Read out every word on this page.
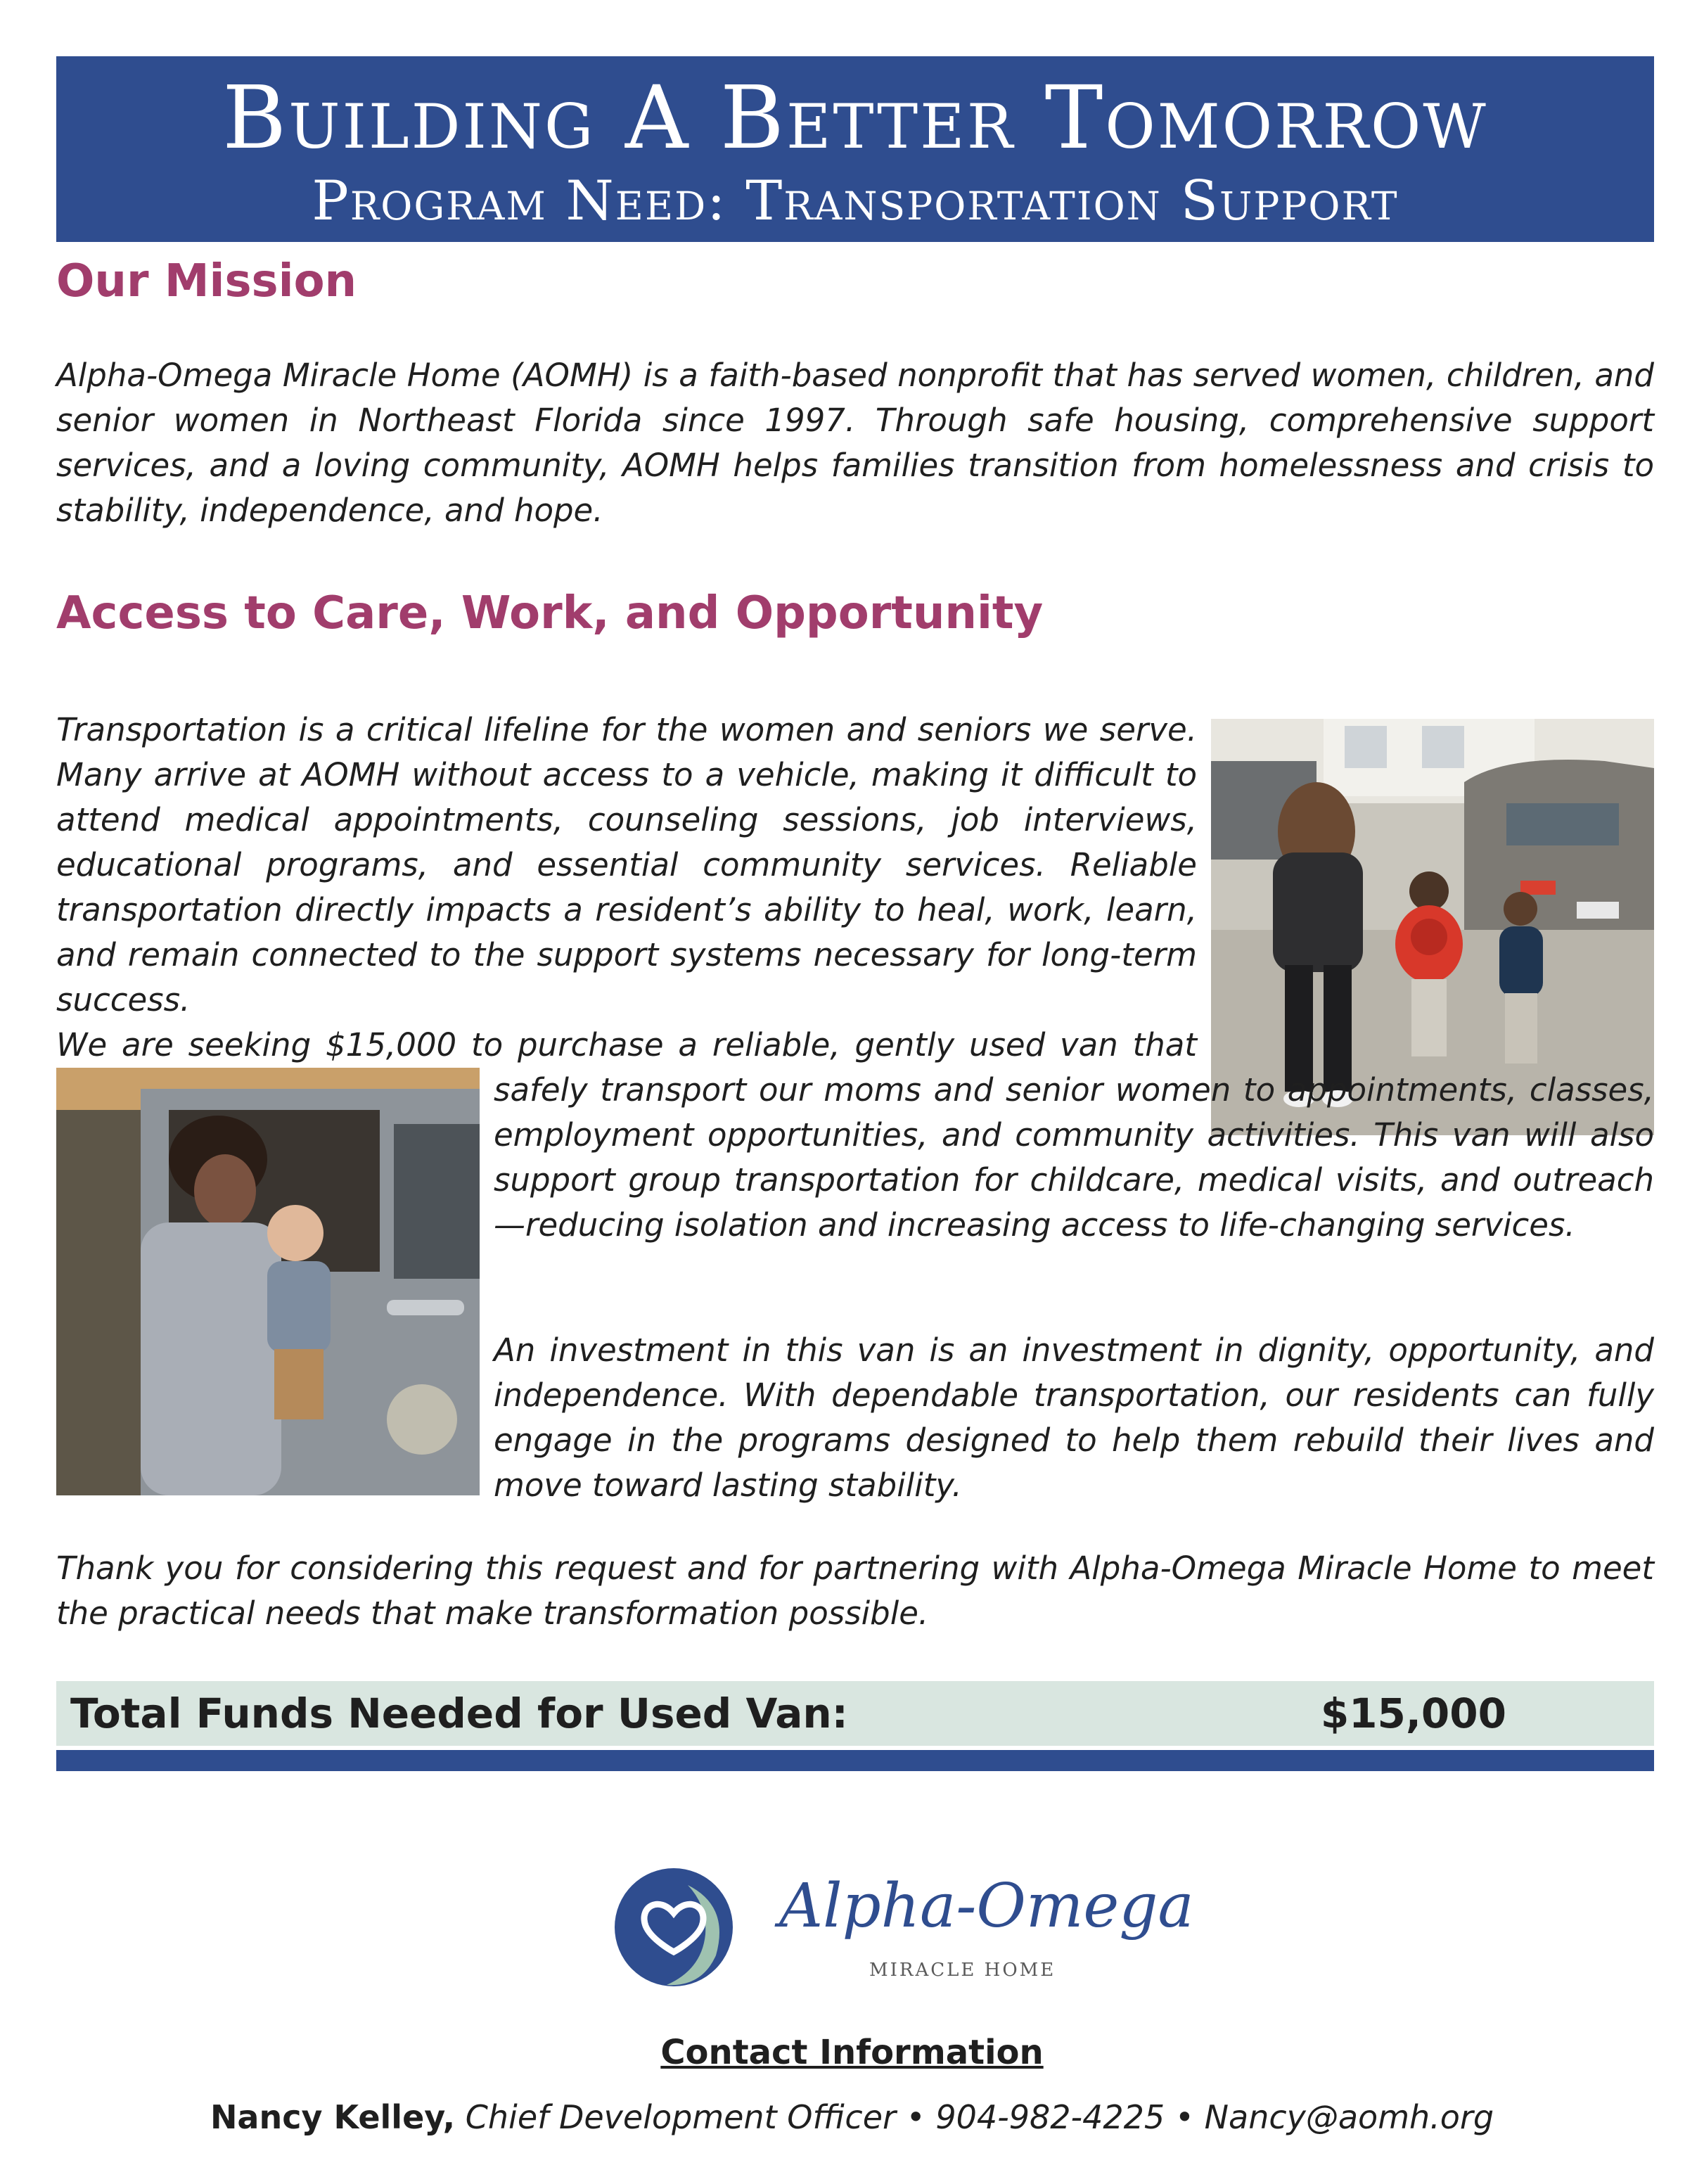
Building A Better Tomorrow
Program Need: Transportation Support
Our Mission

Alpha-Omega Miracle Home (AOMH) is a faith-based nonprofit that has served women, children, and senior women in Northeast Florida since 1997. Through safe housing, comprehensive support services, and a loving community, AOMH helps families transition from homelessness and crisis to stability, independence, and hope.

Access to Care, Work, and Opportunity

Transportation is a critical lifeline for the women and seniors we serve. Many arrive at AOMH without access to a vehicle, making it difficult to attend medical appointments, counseling sessions, job interviews, educational programs, and essential community services. Reliable transportation directly impacts a resident’s ability to heal, work, learn, and remain connected to the support systems necessary for long-term success.

We are seeking $15,000 to purchase a reliable, gently used van that

safely transport our moms and senior women to appointments, classes, employment opportunities, and community activities. This van will also support group transportation for childcare, medical visits, and outreach—reducing isolation and increasing access to life-changing services.

An investment in this van is an investment in dignity, opportunity, and independence. With dependable transportation, our residents can fully engage in the programs designed to help them rebuild their lives and move toward lasting stability.

Thank you for considering this request and for partnering with Alpha-Omega Miracle Home to meet the practical needs that make transformation possible.

Total Funds Needed for Used Van:	$15,000
Alpha-Omega
MIRACLE HOME
Contact Information
Nancy Kelley, Chief Development Officer • 904-982-4225 • Nancy@aomh.org
